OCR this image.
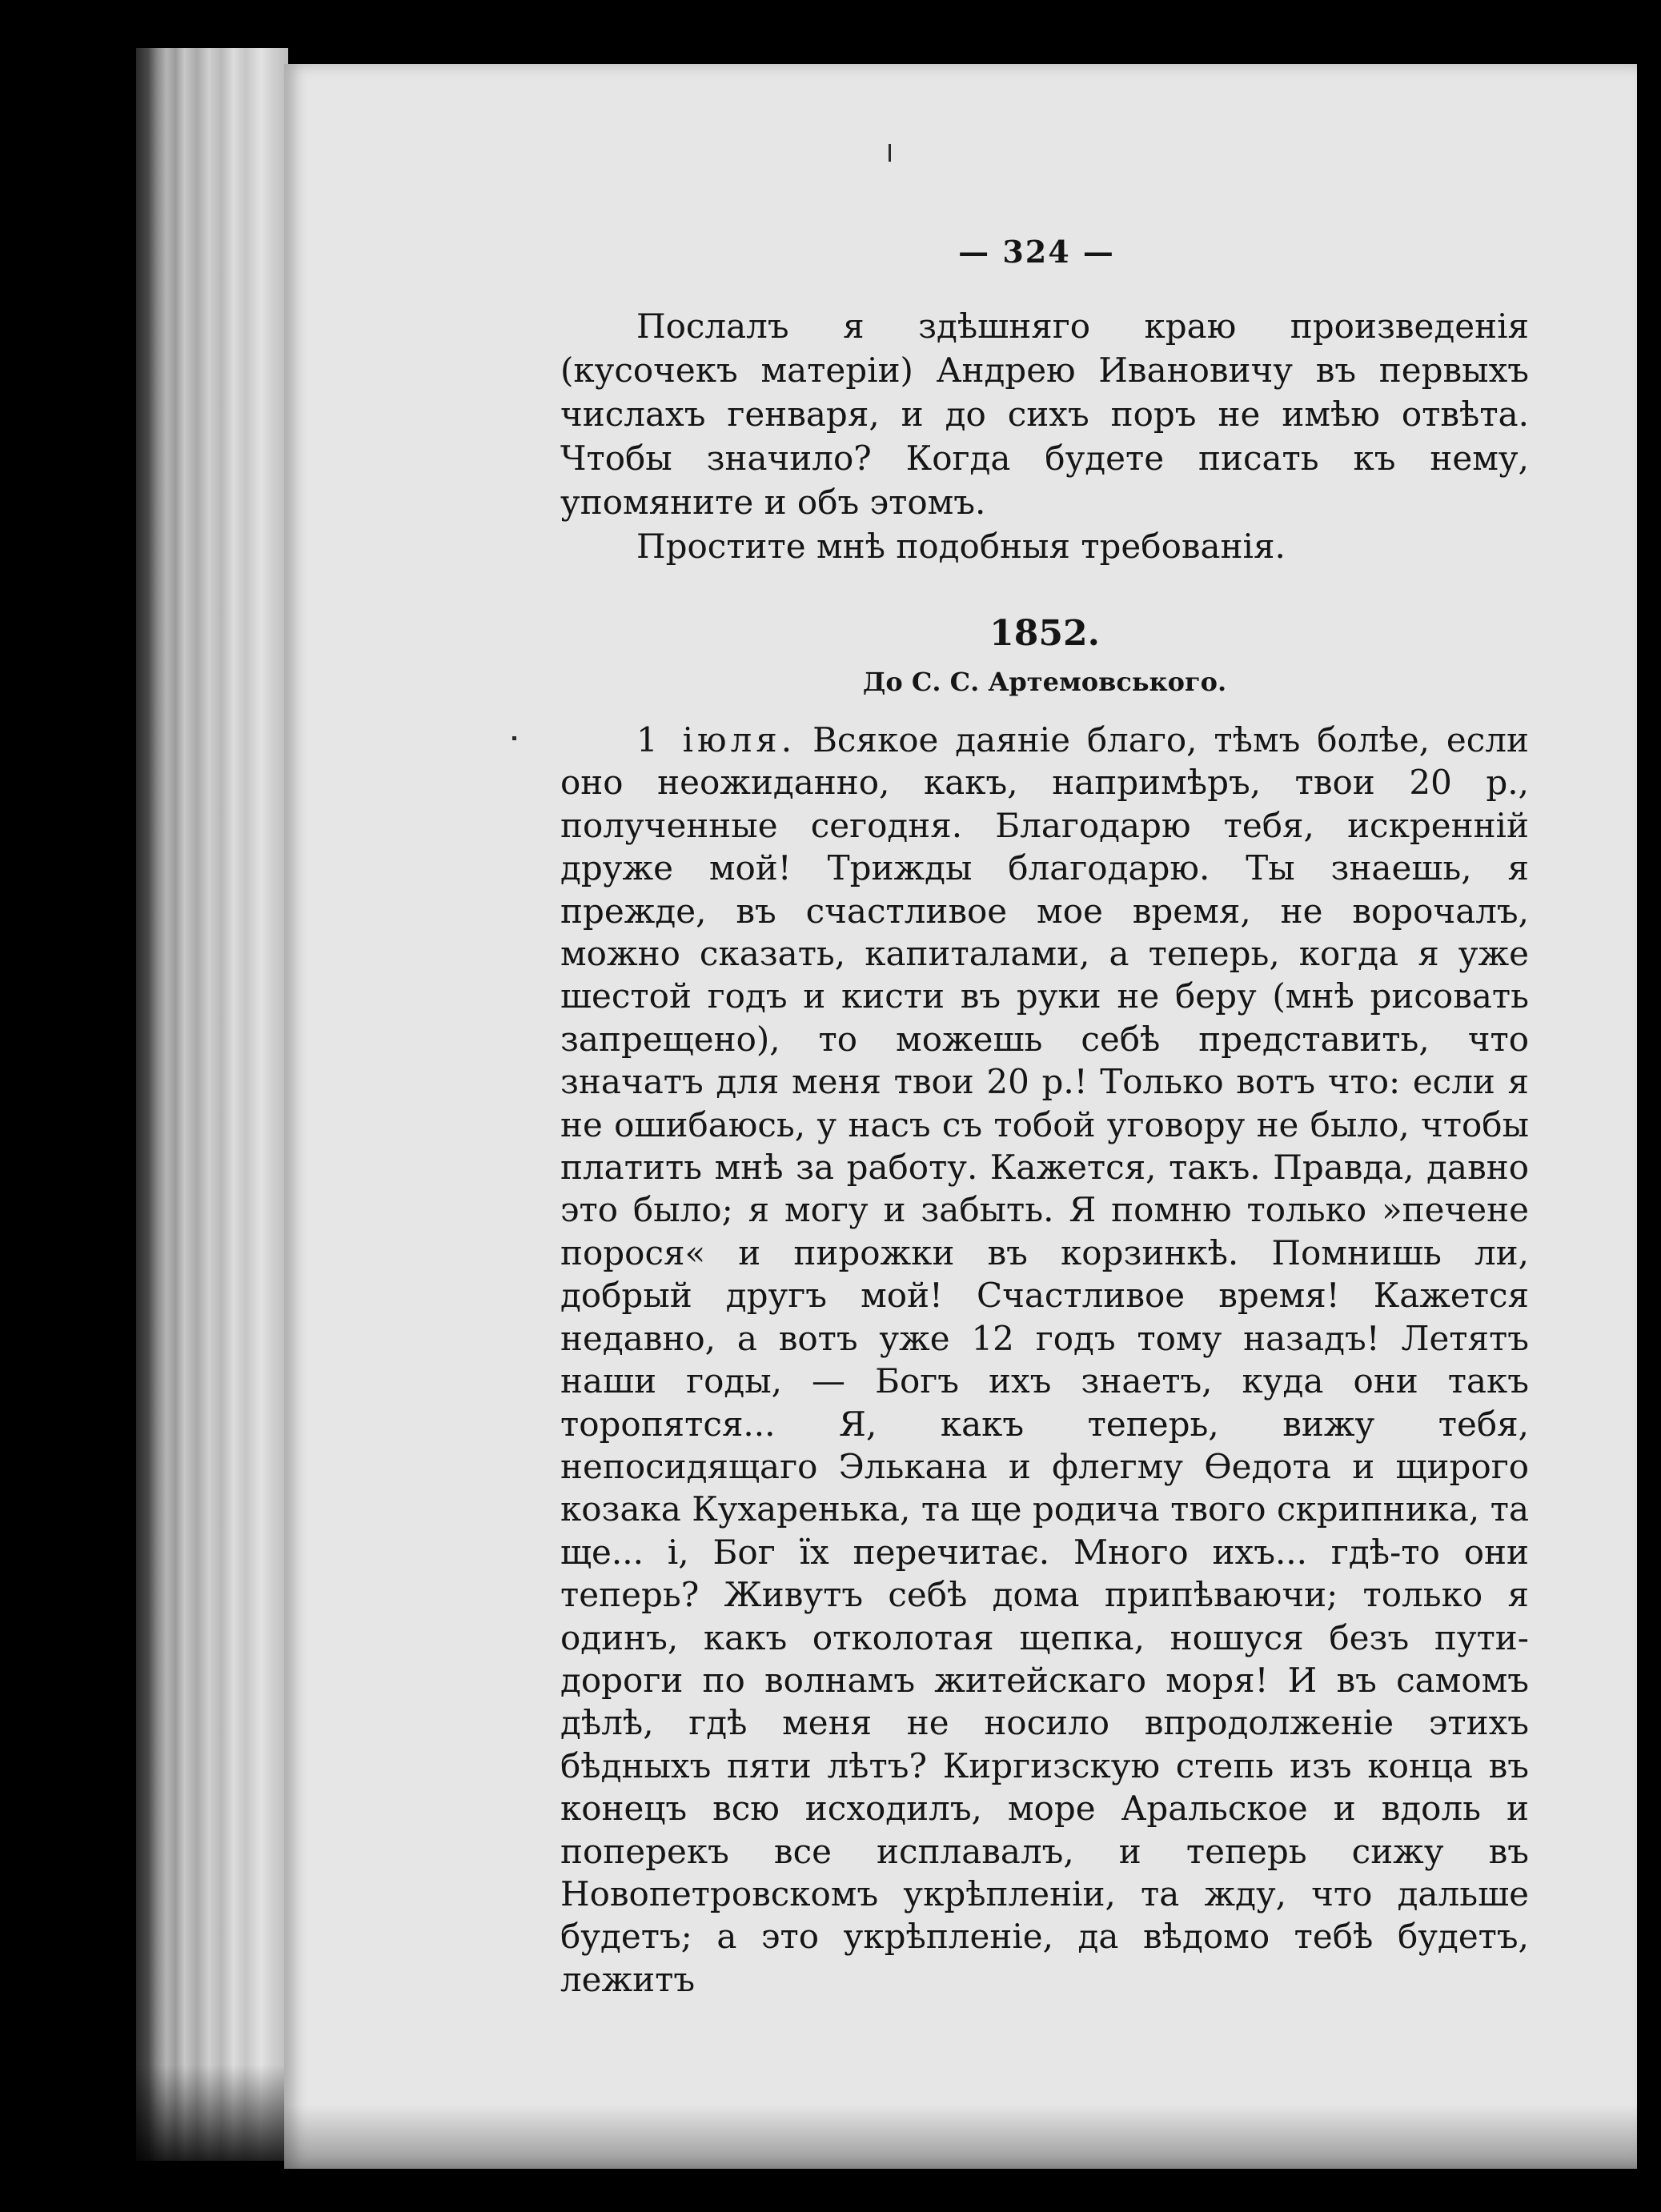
— 324 —

Послалъ я здѣшняго краю произведенія (кусочекъ матеріи) Андрею Ивановичу въ первыхъ числахъ генваря, и до сихъ поръ не имѣю отвѣта. Чтобы значило? Когда будете писать къ нему, упомяните и объ этомъ.

Простите мнѣ подобныя требованія.

1852.
До С. С. Артемовського.

1 іюля. Всякое даяніе благо, тѣмъ болѣе, если оно неожиданно, какъ, напримѣръ, твои 20 р., полученные сегодня. Благодарю тебя, искренній друже мой! Трижды благодарю. Ты знаешь, я прежде, въ счастливое мое время, не ворочалъ, можно сказать, капиталами, а теперь, когда я уже шестой годъ и кисти въ руки не беру (мнѣ рисовать запрещено), то можешь себѣ представить, что значатъ для меня твои 20 р.! Только вотъ что: если я не ошибаюсь, у насъ съ тобой уговору не было, чтобы платить мнѣ за работу. Кажется, такъ. Правда, давно это было; я могу и забыть. Я помню только »печене порося« и пирожки въ корзинкѣ. Помнишь ли, добрый другъ мой! Счастливое время! Кажется недавно, а вотъ уже 12 годъ тому назадъ! Летятъ наши годы, — Богъ ихъ знаетъ, куда они такъ торопятся... Я, какъ теперь, вижу тебя, непосидящаго Элькана и флегму Ѳедота и щирого козака Кухаренька, та ще родича твого скрипника, та ще... і, Бог їх перечитає. Много ихъ... гдѣ-то они теперь? Живутъ себѣ дома припѣваючи; только я одинъ, какъ отколотая щепка, ношуся безъ пути-дороги по волнамъ житейскаго моря! И въ самомъ дѣлѣ, гдѣ меня не носило впродолженіе этихъ бѣдныхъ пяти лѣтъ? Киргизскую степь изъ конца въ конецъ всю исходилъ, море Аральское и вдоль и поперекъ все исплавалъ, и теперь сижу въ Новопетровскомъ укрѣпленіи, та жду, что дальше будетъ; а это укрѣпленіе, да вѣдомо тебѣ будетъ, лежитъ
